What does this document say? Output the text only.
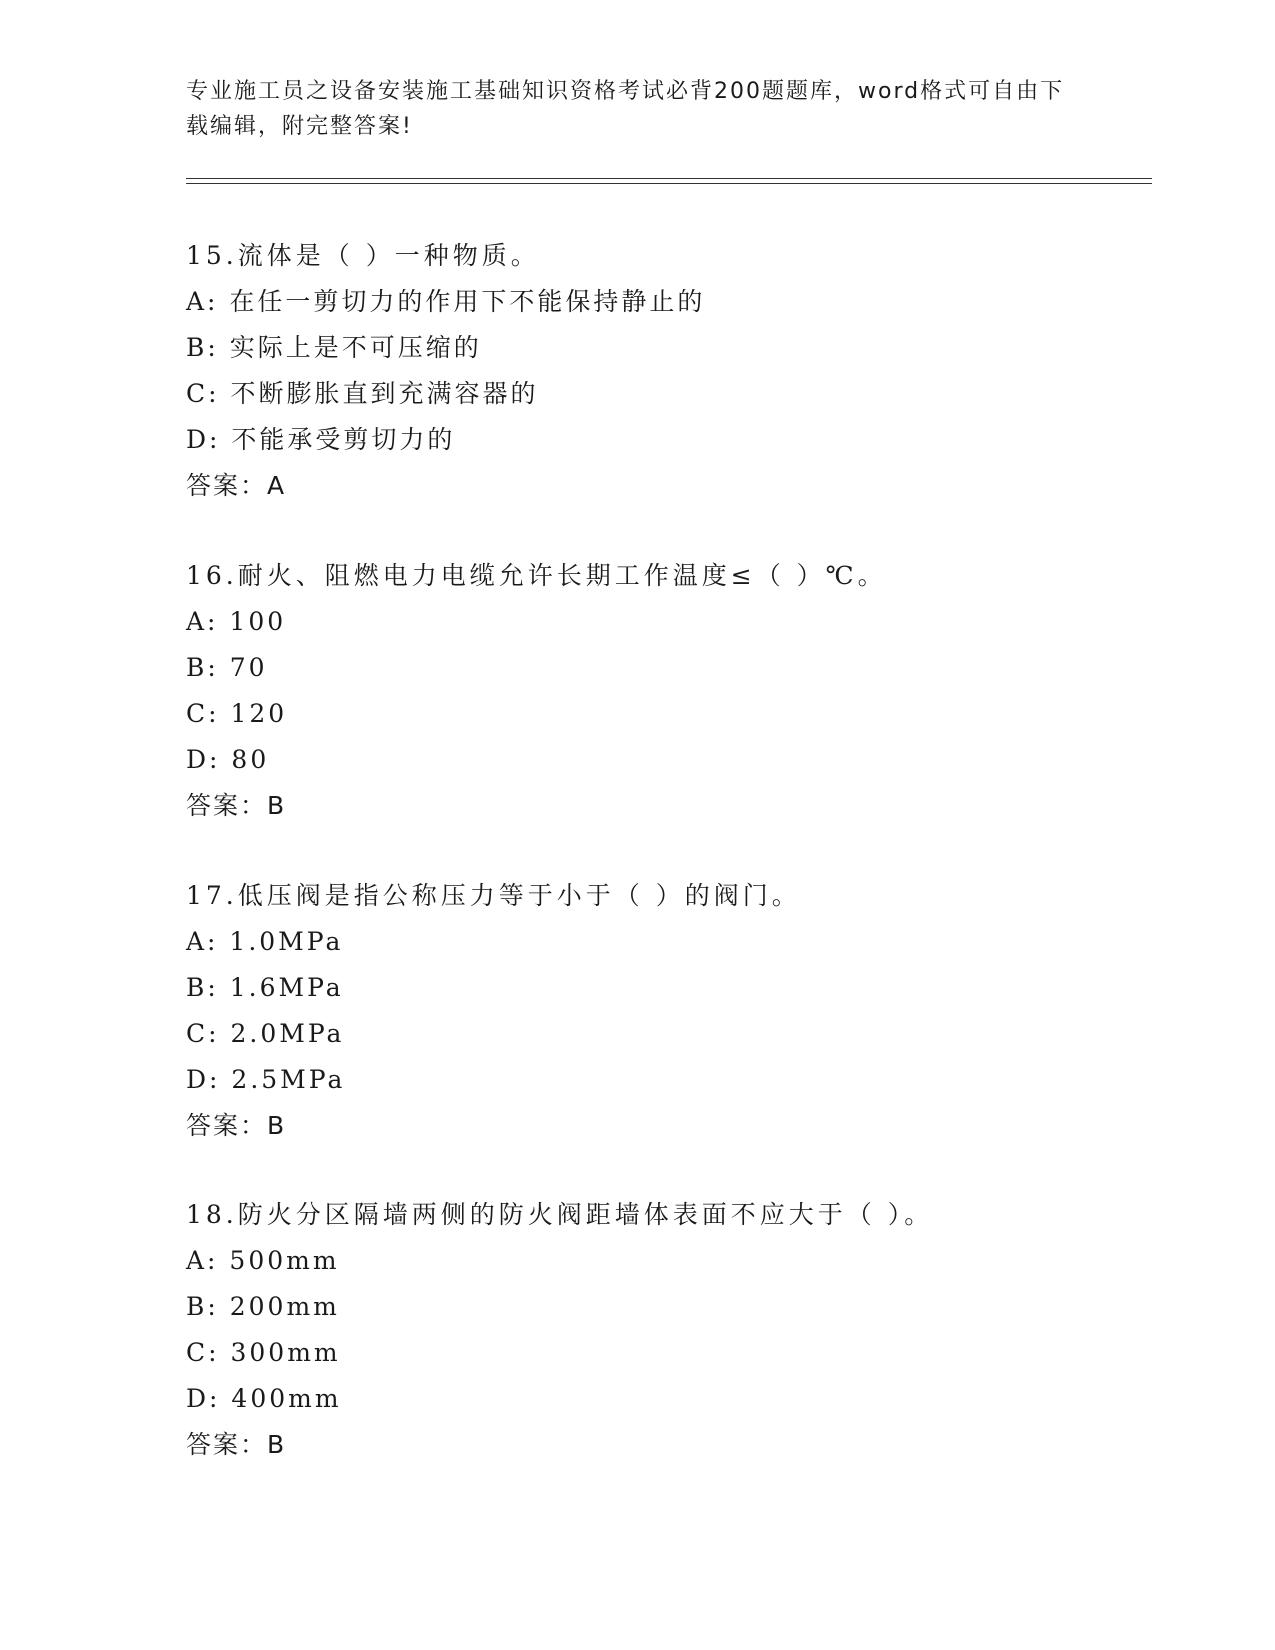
专业施工员之设备安装施工基础知识资格考试必背200题题库，word格式可自由下载编辑，附完整答案!
15.流体是（ ）一种物质。
A: 在任一剪切力的作用下不能保持静止的
B: 实际上是不可压缩的
C: 不断膨胀直到充满容器的
D: 不能承受剪切力的
答案：A
16.耐火、阻燃电力电缆允许长期工作温度≤（ ）℃。
A: 100
B: 70
C: 120
D: 80
答案：B
17.低压阀是指公称压力等于小于（ ）的阀门。
A: 1.0MPa
B: 1.6MPa
C: 2.0MPa
D: 2.5MPa
答案：B
18.防火分区隔墙两侧的防火阀距墙体表面不应大于（ ）。
A: 500mm
B: 200mm
C: 300mm
D: 400mm
答案：B
